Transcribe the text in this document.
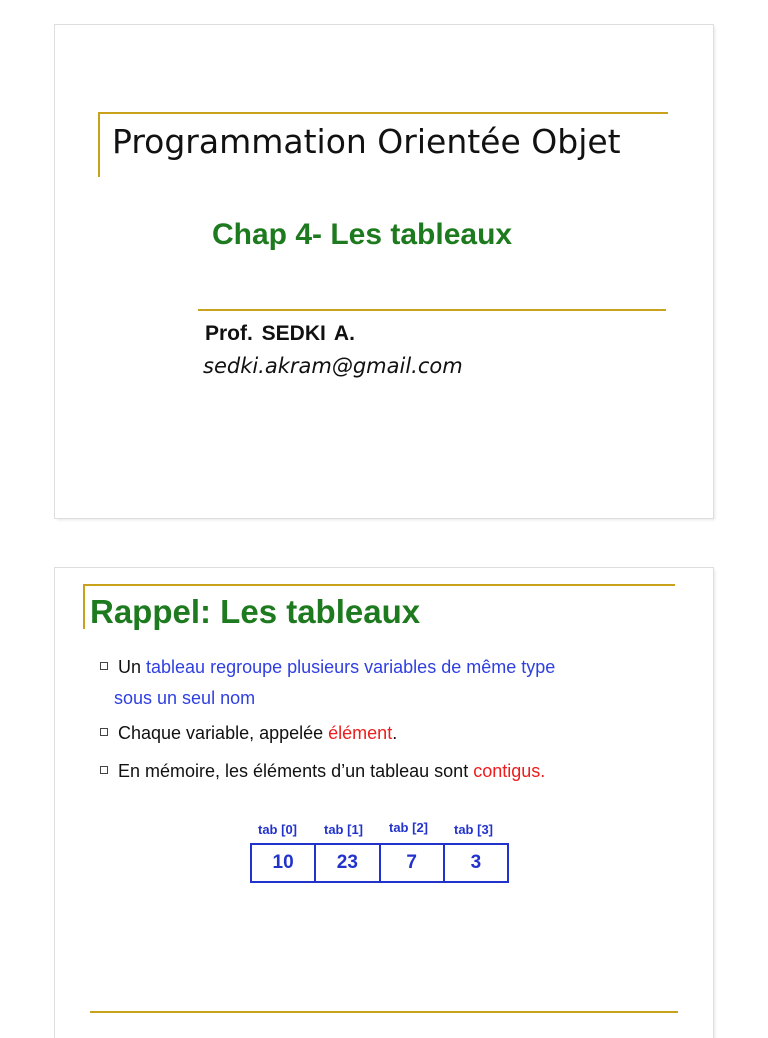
Programmation Orientée Objet
Chap 4- Les tableaux
Prof. SEDKI A.
sedki.akram@gmail.com
Rappel: Les tableaux
Un tableau regroupe plusieurs variables de même type
sous un seul nom
Chaque variable, appelée élément.
En mémoire, les éléments d’un tableau sont contigus.
tab [0] tab [1] tab [2] tab [3]
10	23	7	3
